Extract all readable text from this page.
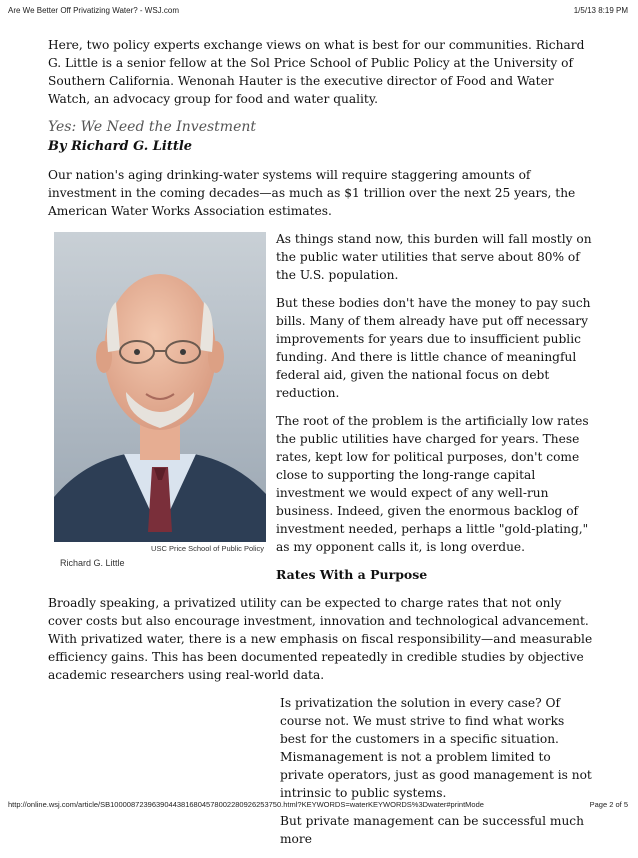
Are We Better Off Privatizing Water? - WSJ.com	1/5/13 8:19 PM

Here, two policy experts exchange views on what is best for our communities. Richard G. Little is a senior fellow at the Sol Price School of Public Policy at the University of Southern California. Wenonah Hauter is the executive director of Food and Water Watch, an advocacy group for food and water quality.

Yes: We Need the Investment
By Richard G. Little

Our nation's aging drinking-water systems will require staggering amounts of investment in the coming decades—as much as $1 trillion over the next 25 years, the American Water Works Association estimates.

USC Price School of Public Policy
Richard G. Little

As things stand now, this burden will fall mostly on the public water utilities that serve about 80% of the U.S. population.

But these bodies don't have the money to pay such bills. Many of them already have put off necessary improvements for years due to insufficient public funding. And there is little chance of meaningful federal aid, given the national focus on debt reduction.

The root of the problem is the artificially low rates the public utilities have charged for years. These rates, kept low for political purposes, don't come close to supporting the long-range capital investment we would expect of any well-run business. Indeed, given the enormous backlog of investment needed, perhaps a little "gold-plating," as my opponent calls it, is long overdue.

Rates With a Purpose

Broadly speaking, a privatized utility can be expected to charge rates that not only cover costs but also encourage investment, innovation and technological advancement. With privatized water, there is a new emphasis on fiscal responsibility—and measurable efficiency gains. This has been documented repeatedly in credible studies by objective academic researchers using real-world data.

Is privatization the solution in every case? Of course not. We must strive to find what works best for the customers in a specific situation. Mismanagement is not a problem limited to private operators, just as good management is not intrinsic to public systems.

But private management can be successful much more

http://online.wsj.com/article/SB10000872396390443816804578002280926253750.html?KEYWORDS=waterKEYWORDS%3Dwater#printMode	Page 2 of 5
